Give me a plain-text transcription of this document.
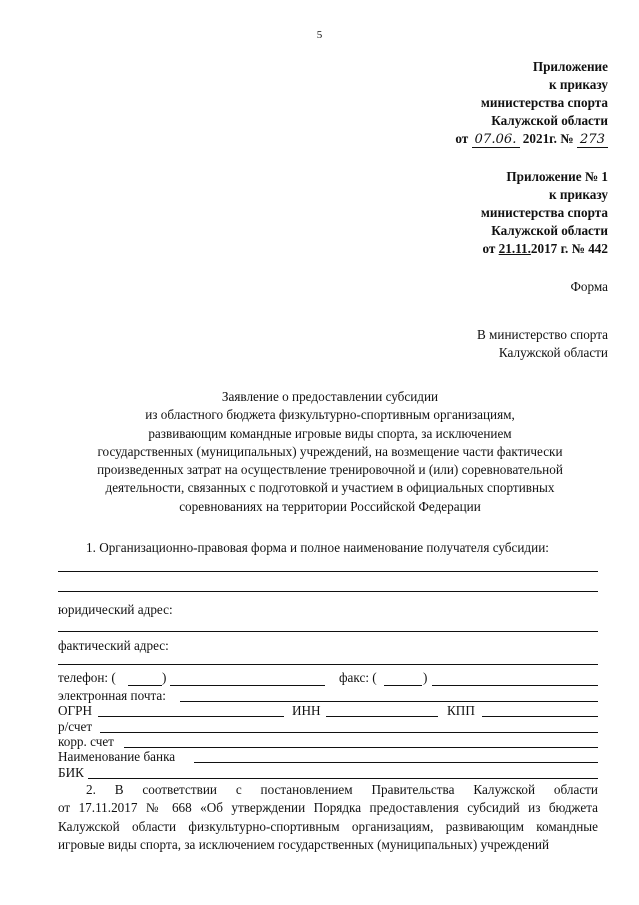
5
Приложение
к приказу
министерства спорта
Калужской области
от 07.06. 2021г. № 273
Приложение № 1
к приказу
министерства спорта
Калужской области
от 21.11.2017 г. № 442
Форма
В министерство спорта
Калужской области
Заявление о предоставлении субсидии
из областного бюджета физкультурно-спортивным организациям,
развивающим командные игровые виды спорта, за исключением
государственных (муниципальных) учреждений, на возмещение части фактически
произведенных затрат на осуществление тренировочной и (или) соревновательной
деятельности, связанных с подготовкой и участием в официальных спортивных
соревнованиях на территории Российской Федерации
1. Организационно-правовая форма и полное наименование получателя субсидии:
юридический адрес:
фактический адрес:
телефон: (	)	факс: (	)
электронная почта:
ОГРН	ИНН	КПП
р/счет
корр. счет
Наименование банка
БИК
2. В соответствии с постановлением Правительства Калужской области
от 17.11.2017 № 668 «Об утверждении Порядка предоставления субсидий из бюджета Калужской области физкультурно-спортивным организациям, развивающим командные игровые виды спорта, за исключением государственных (муниципальных) учреждений
